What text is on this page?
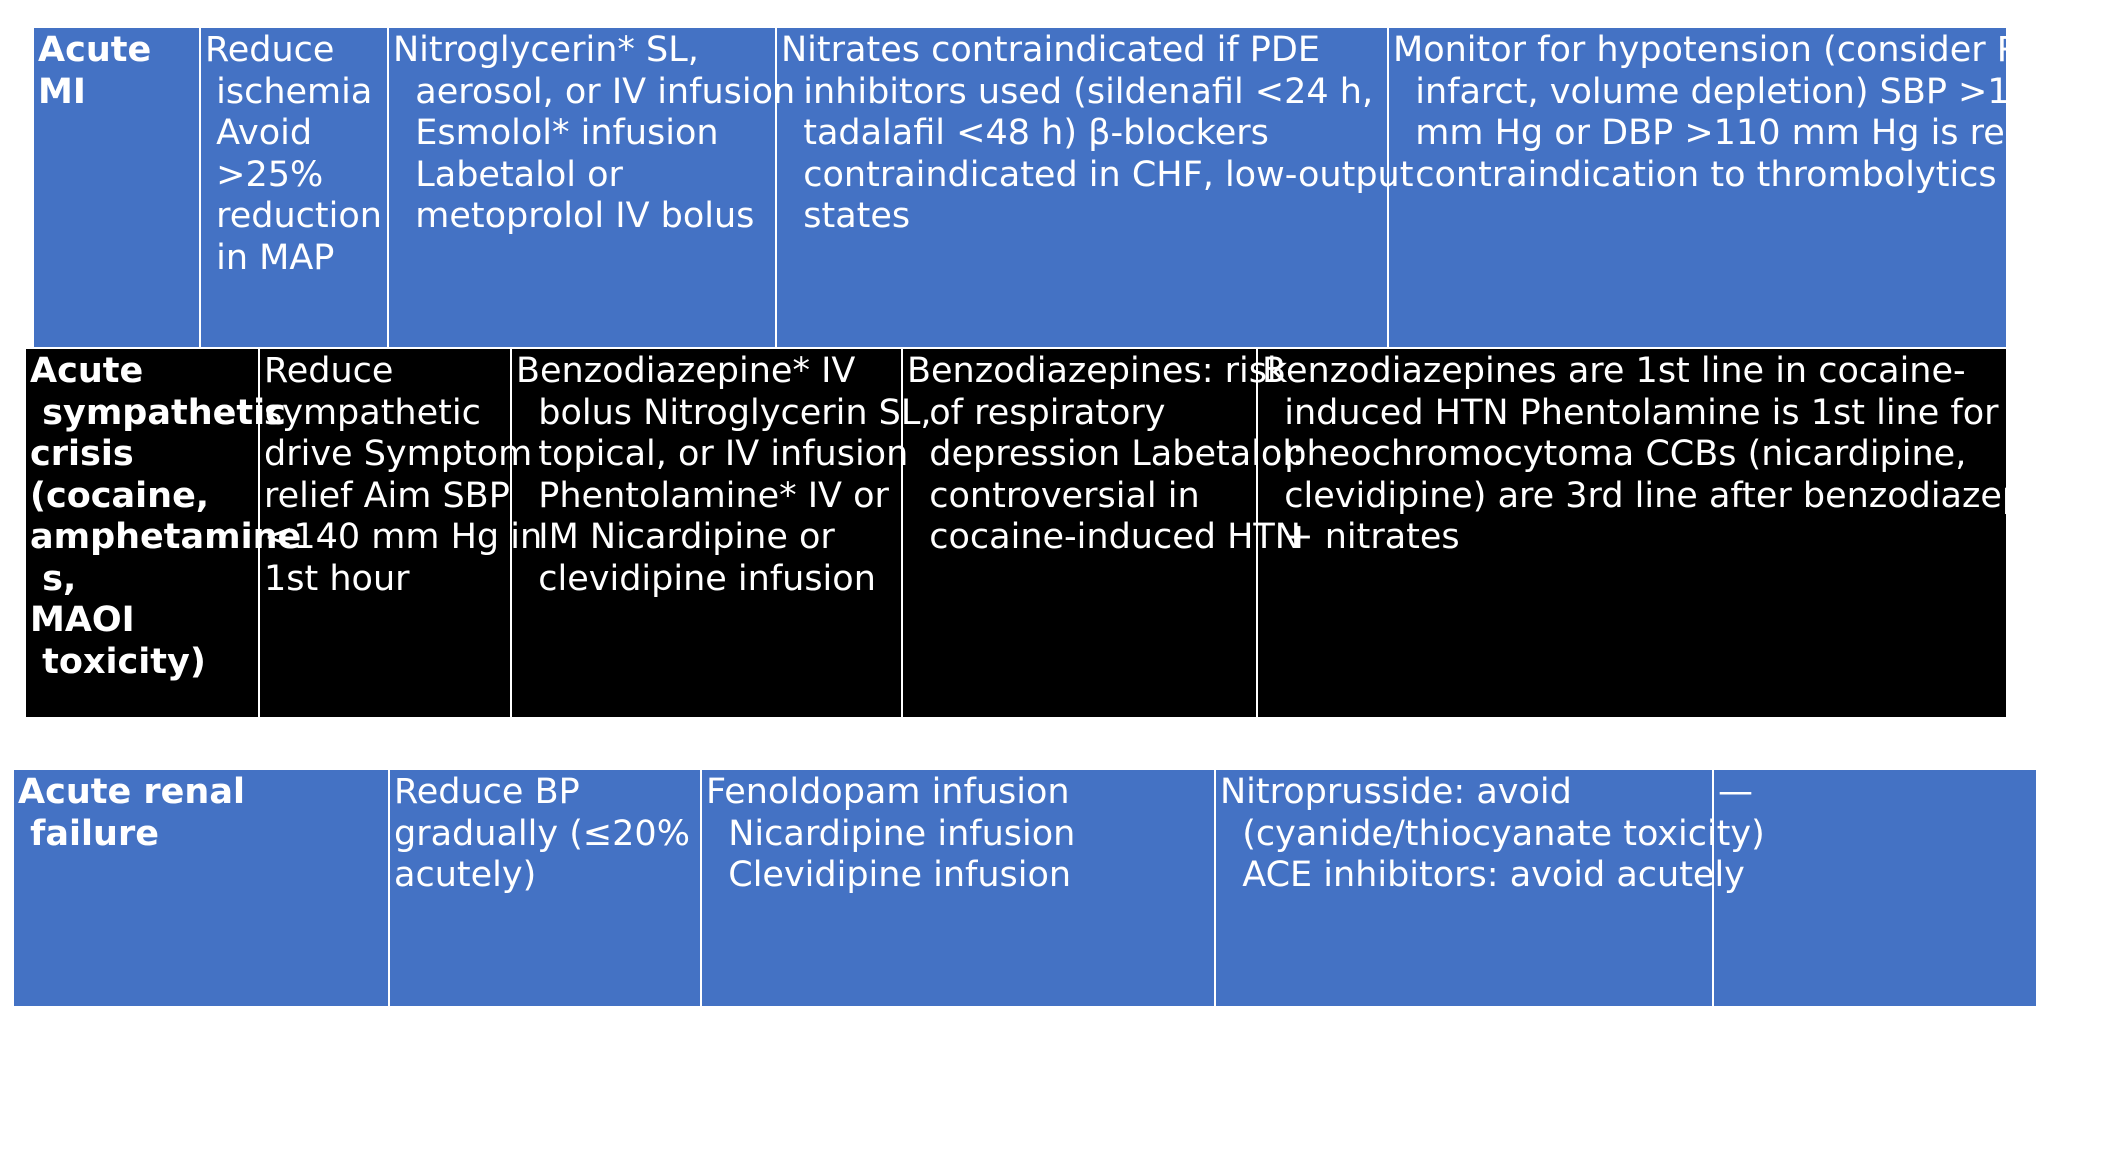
Acute
MI
Reduce
ischemia
Avoid
>25%
reduction
in MAP
Nitroglycerin* SL,
aerosol, or IV infusion
Esmolol* infusion
Labetalol or
metoprolol IV bolus
Nitrates contraindicated if PDE
inhibitors used (sildenafil <24 h,
tadalafil <48 h) β-blockers
contraindicated in CHF, low-output
states
Monitor for hypotension (consider RV
infarct, volume depletion) SBP >180
mm Hg or DBP >110 mm Hg is relative
contraindication to thrombolytics
Acute
sympathetic
crisis
(cocaine,
amphetamine
s,
MAOI
toxicity)
Reduce
sympathetic
drive Symptom
relief Aim SBP
<140 mm Hg in
1st hour
Benzodiazepine* IV
bolus Nitroglycerin SL,
topical, or IV infusion
Phentolamine* IV or
IM Nicardipine or
clevidipine infusion
Benzodiazepines: risk
of respiratory
depression Labetalol:
controversial in
cocaine-induced HTN
Benzodiazepines are 1st line in cocaine-
induced HTN Phentolamine is 1st line for
pheochromocytoma CCBs (nicardipine,
clevidipine) are 3rd line after benzodiazepines
+ nitrates
Acute renal
failure
Reduce BP
gradually (≤20%
acutely)
Fenoldopam infusion
Nicardipine infusion
Clevidipine infusion
Nitroprusside: avoid
(cyanide/thiocyanate toxicity)
ACE inhibitors: avoid acutely
—
